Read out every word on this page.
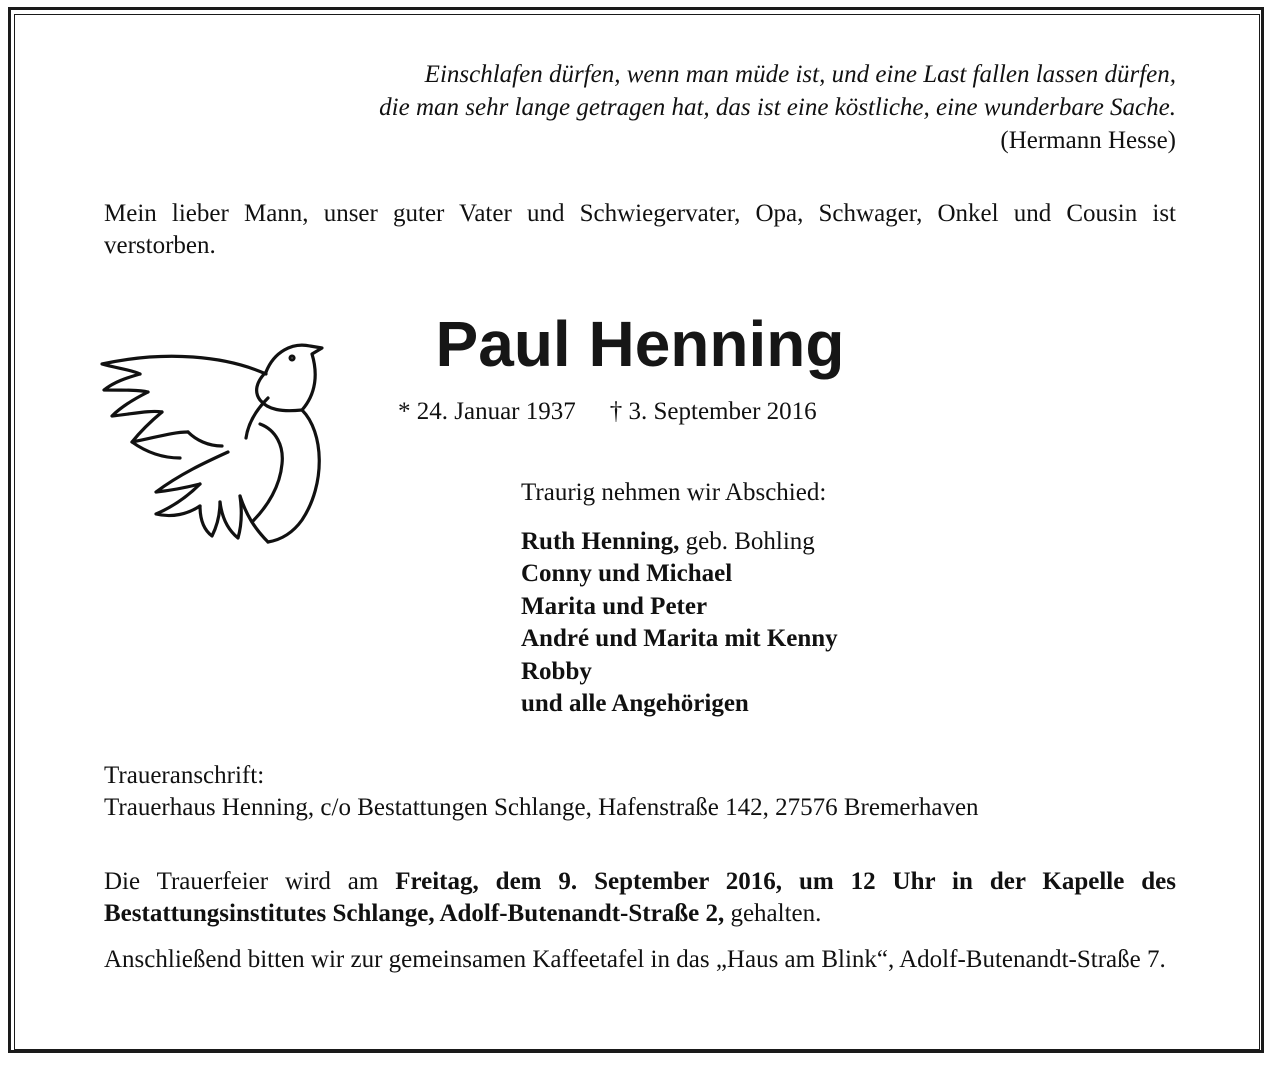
Einschlafen dürfen, wenn man müde ist, und eine Last fallen lassen dürfen,
die man sehr lange getragen hat, das ist eine köstliche, eine wunderbare Sache.
(Hermann Hesse)
Mein lieber Mann, unser guter Vater und Schwiegervater, Opa, Schwager, Onkel und Cousin ist verstorben.
Paul Henning
* 24. Januar 1937 † 3. September 2016
Traurig nehmen wir Abschied:
Ruth Henning, geb. Bohling
Conny und Michael
Marita und Peter
André und Marita mit Kenny
Robby
und alle Angehörigen
Traueranschrift:
Trauerhaus Henning, c/o Bestattungen Schlange, Hafenstraße 142, 27576 Bremerhaven
Die Trauerfeier wird am Freitag, dem 9. September 2016, um 12 Uhr in der Kapelle des Bestattungsinstitutes Schlange, Adolf-Butenandt-Straße 2, gehalten.
Anschließend bitten wir zur gemeinsamen Kaffeetafel in das „Haus am Blink“, Adolf-Butenandt-Straße 7.
